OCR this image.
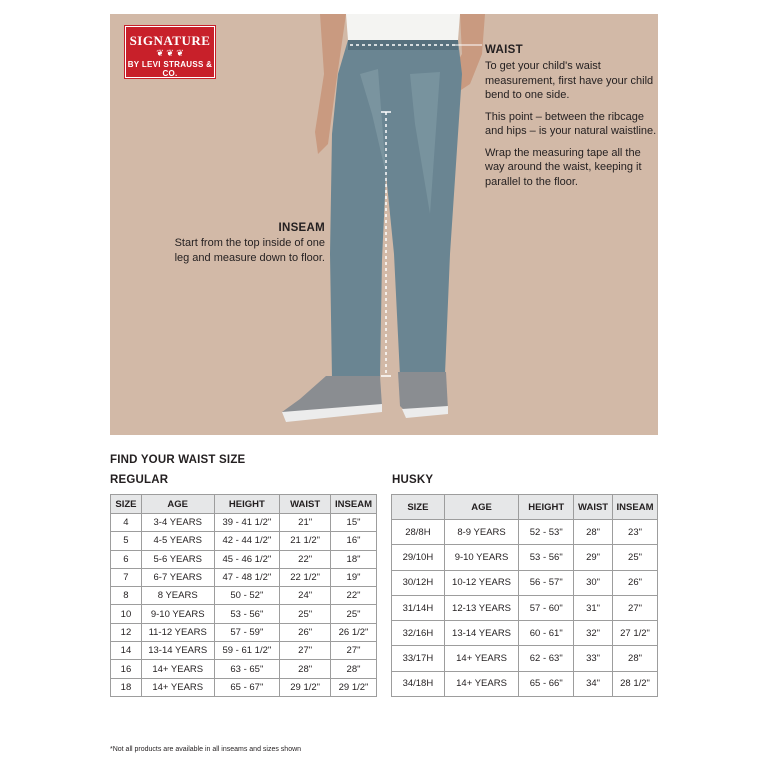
SIGNATURE
❦ ❦ ❦
BY LEVI STRAUSS & CO.
WAIST

To get your child's waist measurement, first have your child bend to one side.

This point – between the ribcage and hips – is your natural waistline.

Wrap the measuring tape all the way around the waist, keeping it parallel to the floor.

INSEAM

Start from the top inside of one leg and measure down to floor.

FIND YOUR WAIST SIZE
REGULAR	HUSKY
SIZE	AGE	HEIGHT	WAIST	INSEAM
4	3-4 YEARS	39 - 41 1/2"	21"	15"
5	4-5 YEARS	42 - 44 1/2"	21 1/2"	16"
6	5-6 YEARS	45 - 46 1/2"	22"	18"
7	6-7 YEARS	47 - 48 1/2"	22 1/2"	19"
8	8 YEARS	50 - 52"	24"	22"
10	9-10 YEARS	53 - 56"	25"	25"
12	11-12 YEARS	57 - 59"	26"	26 1/2"
14	13-14 YEARS	59 - 61 1/2"	27"	27"
16	14+ YEARS	63 - 65"	28"	28"
18	14+ YEARS	65 - 67"	29 1/2"	29 1/2"
SIZE	AGE	HEIGHT	WAIST	INSEAM
28/8H	8-9 YEARS	52 - 53"	28"	23"
29/10H	9-10 YEARS	53 - 56"	29"	25"
30/12H	10-12 YEARS	56 - 57"	30"	26"
31/14H	12-13 YEARS	57 - 60"	31"	27"
32/16H	13-14 YEARS	60 - 61"	32"	27 1/2"
33/17H	14+ YEARS	62 - 63"	33"	28"
34/18H	14+ YEARS	65 - 66"	34"	28 1/2"
*Not all products are available in all inseams and sizes shown
